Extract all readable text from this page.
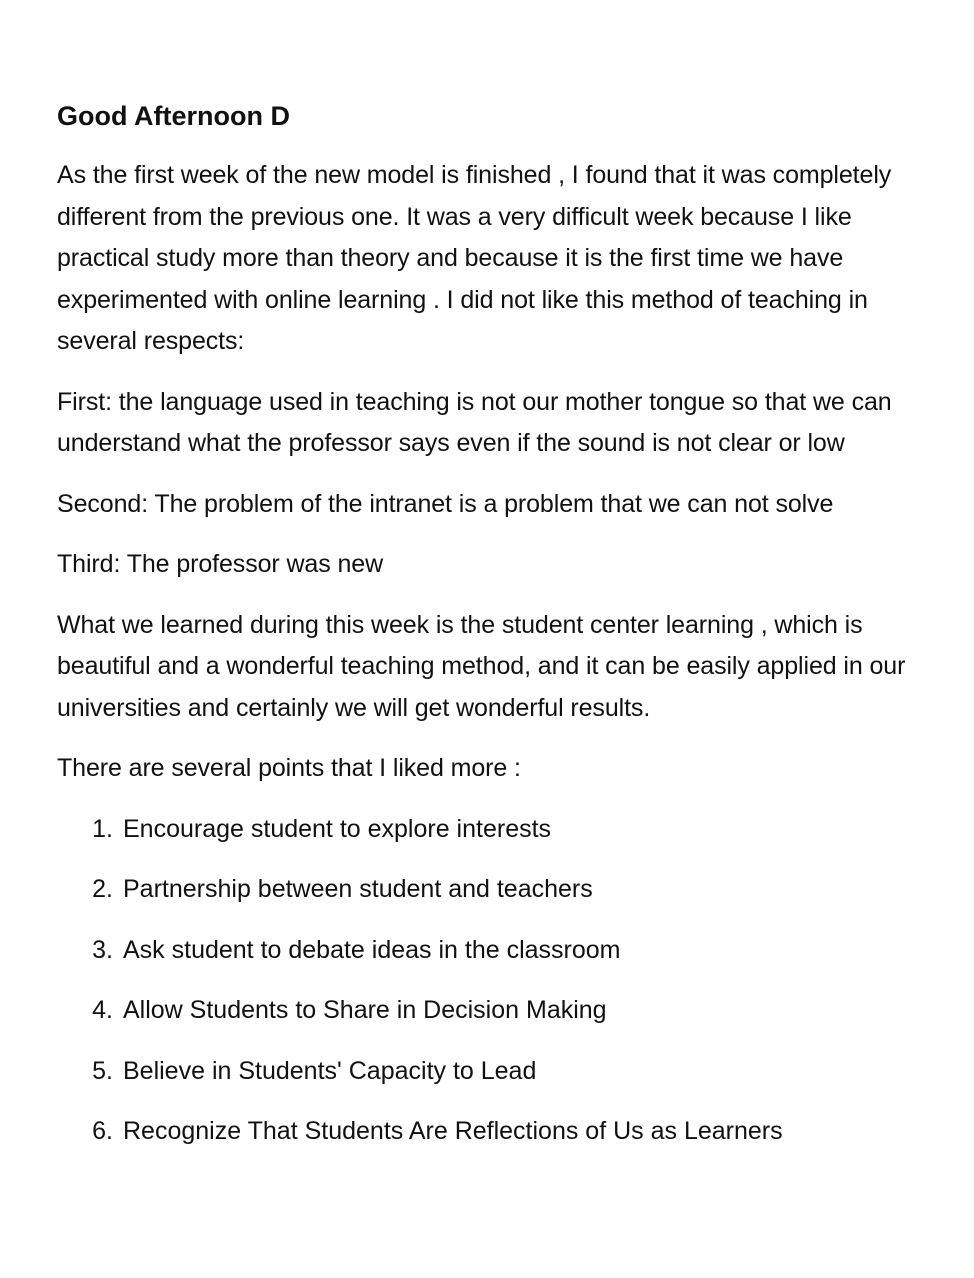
Good Afternoon D

As the first week of the new model is finished , I found that it was completely different from the previous one. It was a very difficult week because I like practical study more than theory and because it is the first time we have experimented with online learning . I did not like this method of teaching in several respects:

First: the language used in teaching is not our mother tongue so that we can understand what the professor says even if the sound is not clear or low

Second: The problem of the intranet is a problem that we can not solve

Third: The professor was new

What we learned during this week is the student center learning , which is beautiful and a wonderful teaching method, and it can be easily applied in our universities and certainly we will get wonderful results.

There are several points that I liked more :

1. Encourage student to explore interests
2. Partnership between student and teachers
3. Ask student to debate ideas in the classroom
4. Allow Students to Share in Decision Making
5. Believe in Students' Capacity to Lead
6. Recognize That Students Are Reflections of Us as Learners
